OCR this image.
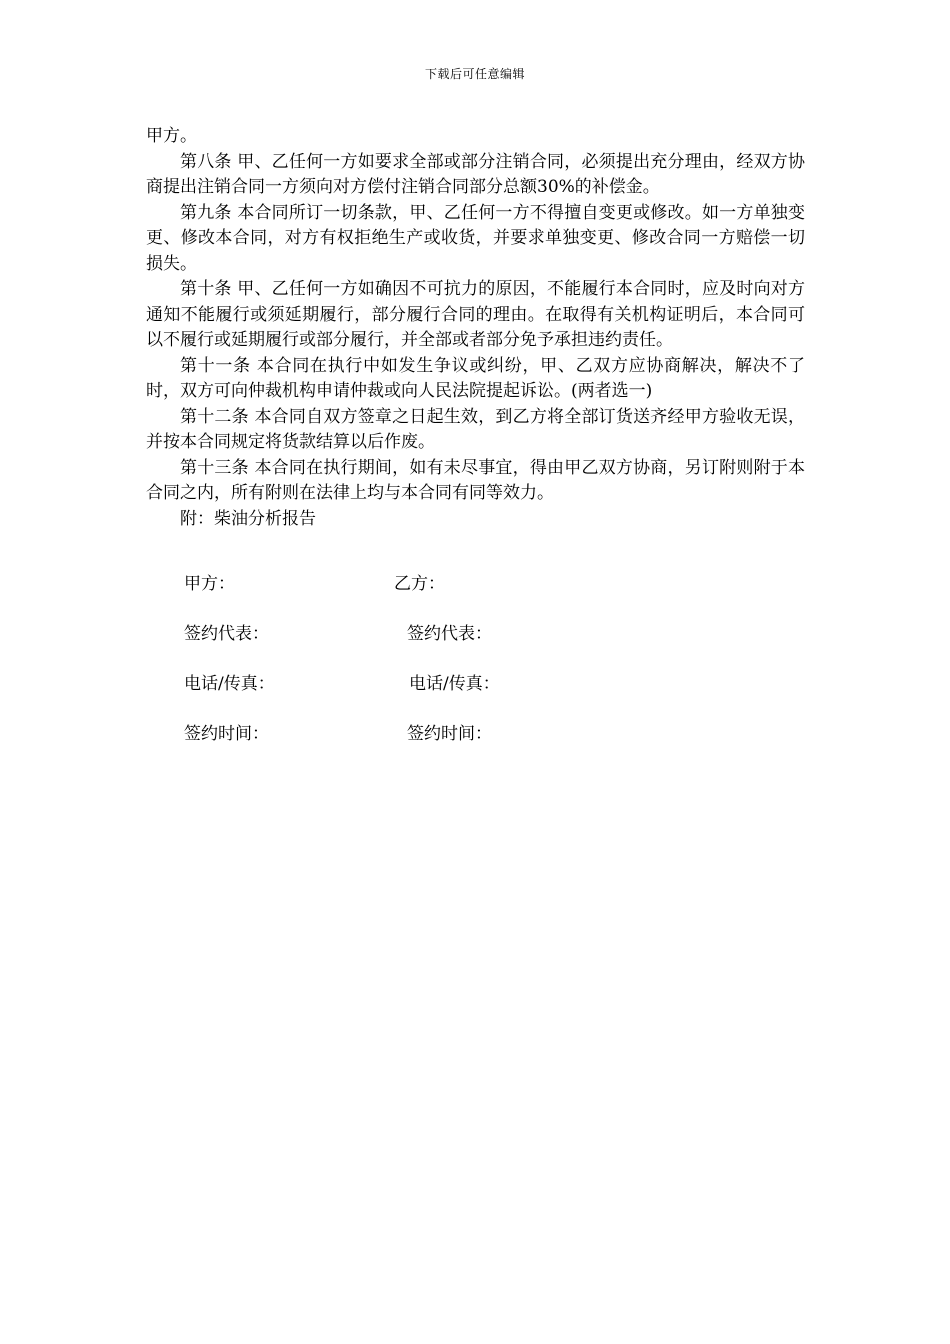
下载后可任意编辑

甲方。

第八条 甲、乙任何一方如要求全部或部分注销合同，必须提出充分理由，经双方协商提出注销合同一方须向对方偿付注销合同部分总额30%的补偿金。

第九条 本合同所订一切条款，甲、乙任何一方不得擅自变更或修改。如一方单独变更、修改本合同，对方有权拒绝生产或收货，并要求单独变更、修改合同一方赔偿一切损失。

第十条 甲、乙任何一方如确因不可抗力的原因，不能履行本合同时，应及时向对方通知不能履行或须延期履行，部分履行合同的理由。在取得有关机构证明后，本合同可以不履行或延期履行或部分履行，并全部或者部分免予承担违约责任。

第十一条 本合同在执行中如发生争议或纠纷，甲、乙双方应协商解决，解决不了时，双方可向仲裁机构申请仲裁或向人民法院提起诉讼。(两者选一)

第十二条 本合同自双方签章之日起生效，到乙方将全部订货送齐经甲方验收无误，并按本合同规定将货款结算以后作废。

第十三条 本合同在执行期间，如有未尽事宜，得由甲乙双方协商，另订附则附于本合同之内，所有附则在法律上均与本合同有同等效力。

附：柴油分析报告

甲方：	乙方：
签约代表：	签约代表：
电话/传真：	电话/传真：
签约时间：	签约时间：
